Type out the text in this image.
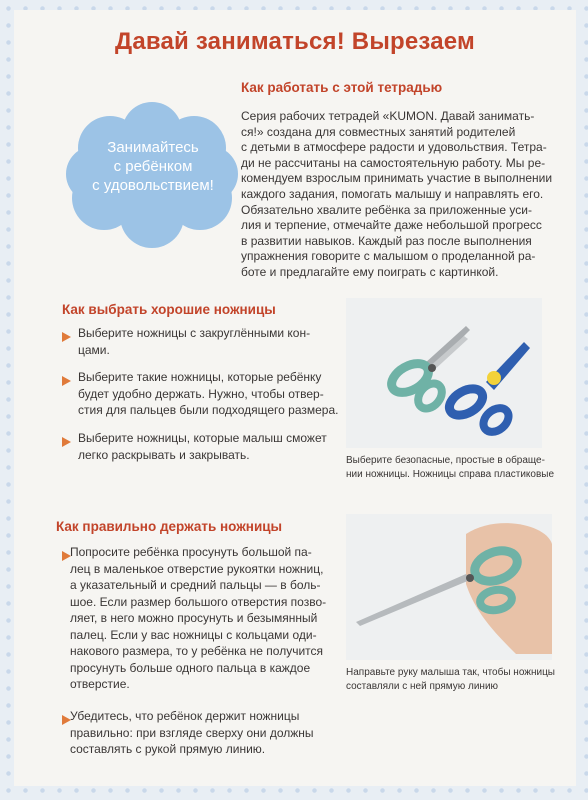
Давай заниматься! Вырезаем
Занимайтесь
с ребёнком
с удовольствием!
Как работать с этой тетрадью
Серия рабочих тетрадей «KUMON. Давай занимать-
ся!» создана для совместных занятий родителей
с детьми в атмосфере радости и удовольствия. Тетра-
ди не рассчитаны на самостоятельную работу. Мы ре-
комендуем взрослым принимать участие в выполнении
каждого задания, помогать малышу и направлять его.
Обязательно хвалите ребёнка за приложенные уси-
лия и терпение, отмечайте даже небольшой прогресс
в развитии навыков. Каждый раз после выполнения
упражнения говорите с малышом о проделанной ра-
боте и предлагайте ему поиграть с картинкой.
Как выбрать хорошие ножницы
Выберите ножницы с закруглёнными кон-
цами.
Выберите такие ножницы, которые ребёнку
будет удобно держать. Нужно, чтобы отвер-
стия для пальцев были подходящего размера.
Выберите ножницы, которые малыш сможет
легко раскрывать и закрывать.	Выберите безопасные, простые в обраще-
нии ножницы. Ножницы справа пластиковые
Как правильно держать ножницы
Попросите ребёнка просунуть большой па-
лец в маленькое отверстие рукоятки ножниц,
а указательный и средний пальцы — в боль-
шое. Если размер большого отверстия позво-
ляет, в него можно просунуть и безымянный
палец. Если у вас ножницы с кольцами оди-
накового размера, то у ребёнка не получится
просунуть больше одного пальца в каждое
отверстие.
Убедитесь, что ребёнок держит ножницы
правильно: при взгляде сверху они должны
составлять с рукой прямую линию.
Направьте руку малыша так, чтобы ножницы
составляли с ней прямую линию
